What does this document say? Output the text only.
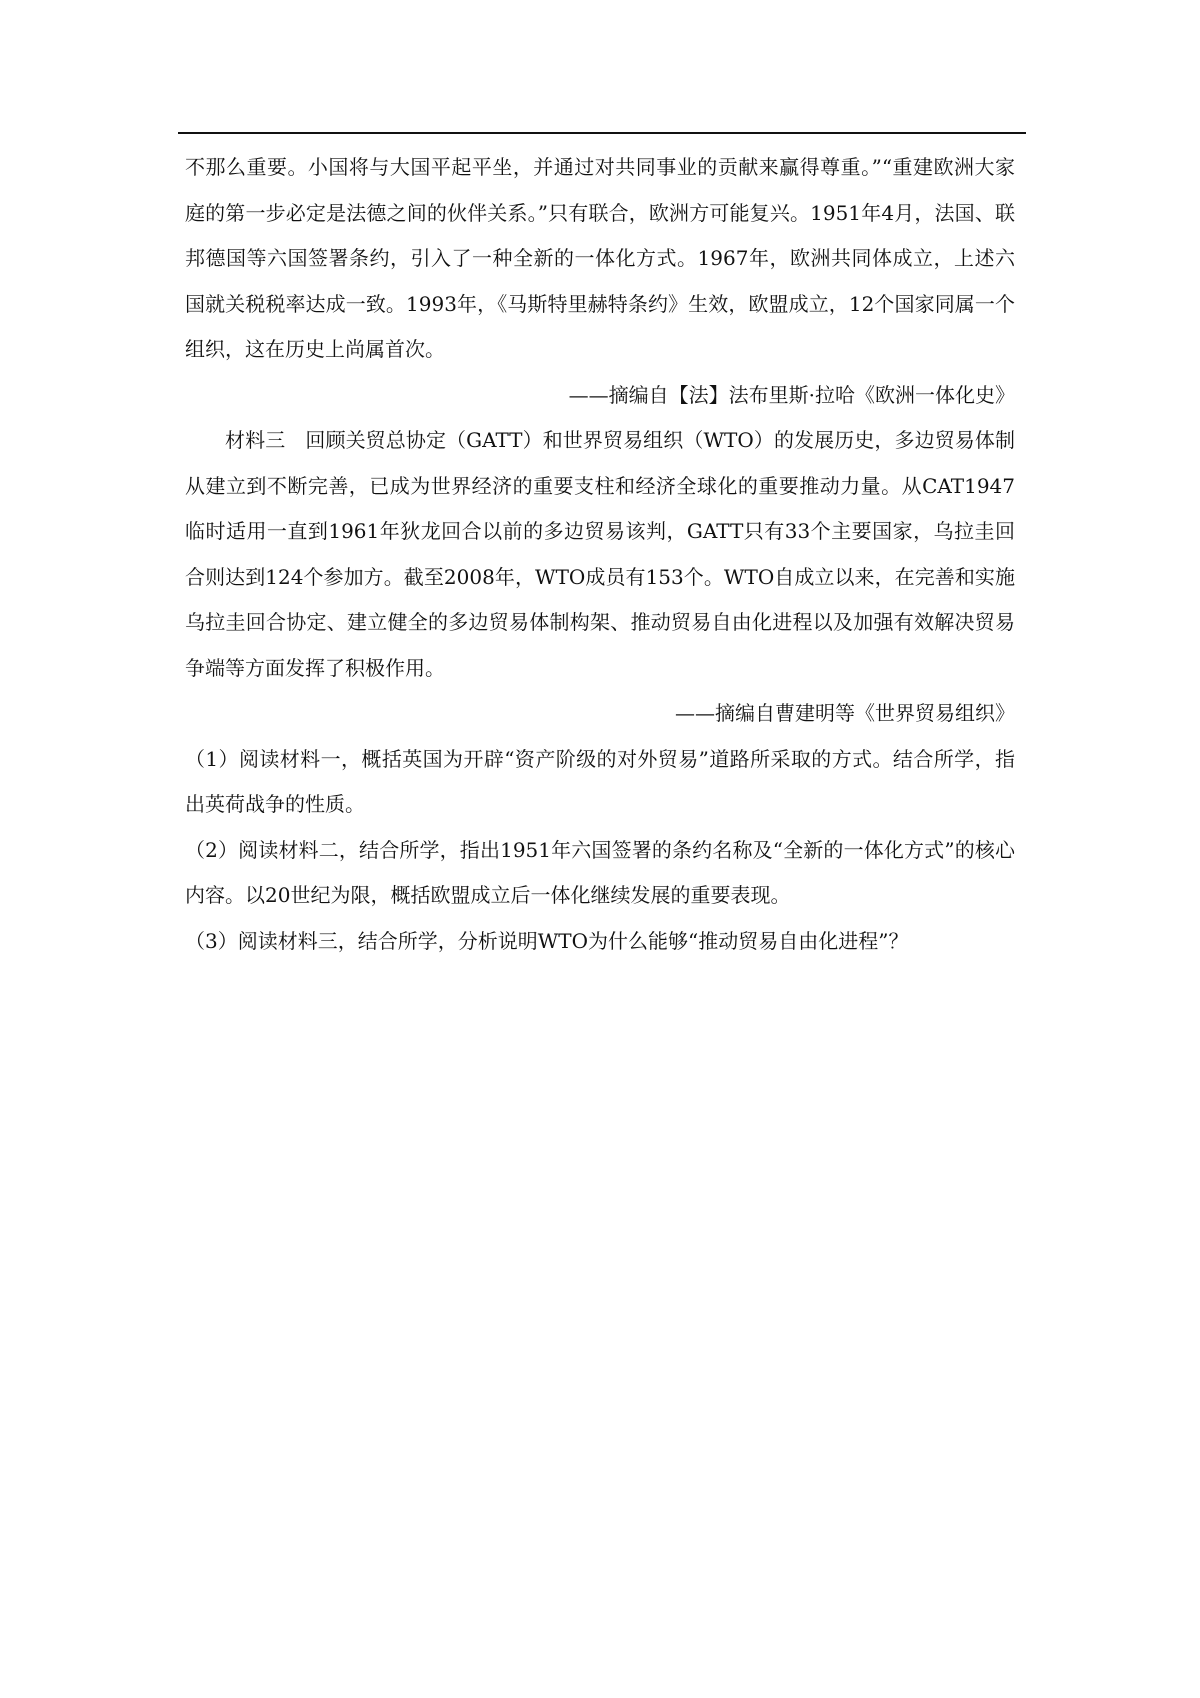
不那么重要。小国将与大国平起平坐，并通过对共同事业的贡献来赢得尊重。”“重建欧洲大家庭的第一步必定是法德之间的伙伴关系。”只有联合，欧洲方可能复兴。1951年4月，法国、联邦德国等六国签署条约，引入了一种全新的一体化方式。1967年，欧洲共同体成立，上述六国就关税税率达成一致。1993年，《马斯特里赫特条约》生效，欧盟成立，12个国家同属一个组织，这在历史上尚属首次。

——摘编自【法】法布里斯·拉哈《欧洲一体化史》

材料三　回顾关贸总协定（GATT）和世界贸易组织（WTO）的发展历史，多边贸易体制从建立到不断完善，已成为世界经济的重要支柱和经济全球化的重要推动力量。从CAT1947临时适用一直到1961年狄龙回合以前的多边贸易该判，GATT只有33个主要国家，乌拉圭回合则达到124个参加方。截至2008年，WTO成员有153个。WTO自成立以来，在完善和实施乌拉圭回合协定、建立健全的多边贸易体制构架、推动贸易自由化进程以及加强有效解决贸易争端等方面发挥了积极作用。

——摘编自曹建明等《世界贸易组织》

（1）阅读材料一，概括英国为开辟“资产阶级的对外贸易”道路所采取的方式。结合所学，指出英荷战争的性质。

（2）阅读材料二，结合所学，指出1951年六国签署的条约名称及“全新的一体化方式”的核心内容。以20世纪为限，概括欧盟成立后一体化继续发展的重要表现。

（3）阅读材料三，结合所学，分析说明WTO为什么能够“推动贸易自由化进程”？
